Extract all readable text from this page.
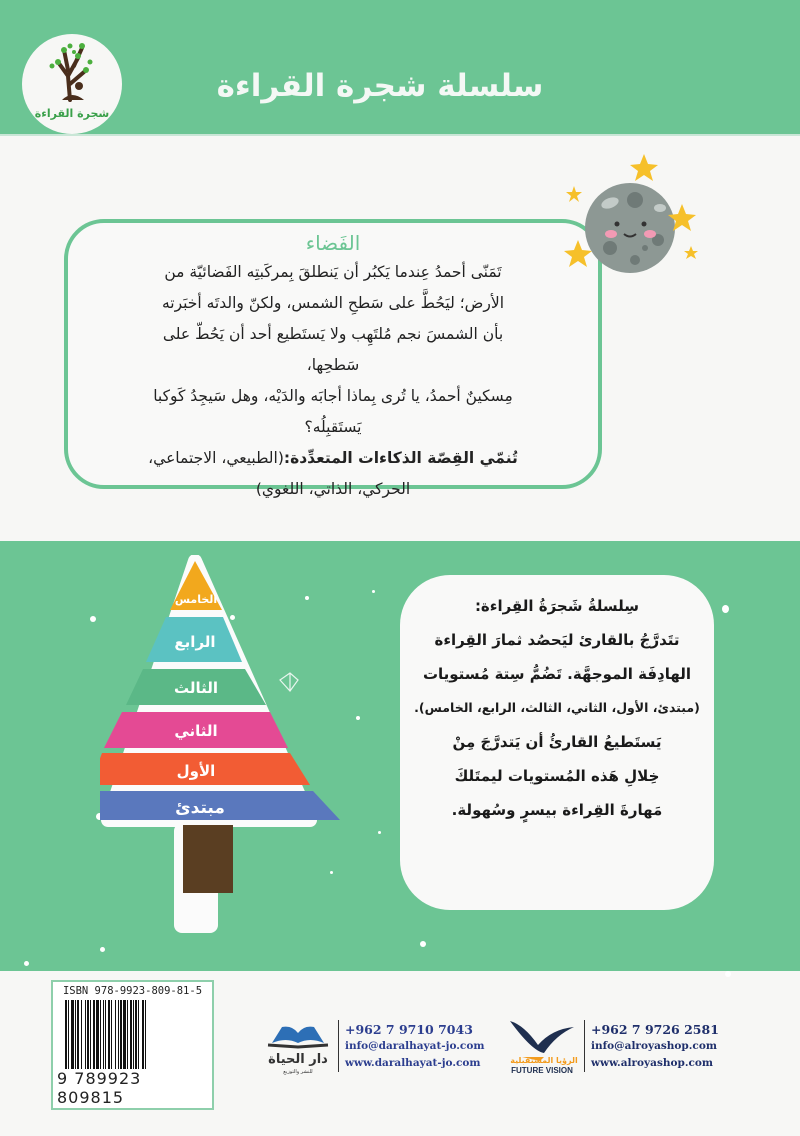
شجرة القراءة
سلسلة شجرة القراءة
الفَضاء
تَمَنّى أحمدُ عِندما يَكبُر أن يَنطلقَ بِمركَبتِه الفَضائيّة من
الأرض؛ ليَحُطَّ على سَطحِ الشمس، ولكنّ والدتَه أخبَرته
بأن الشمسَ نجم مُلتَهِب ولا يَستَطيع أحد أن يَحُطّ على
سَطحِها،
مِسكينٌ أحمدُ، يا تُرى بِماذا أجابَه والدَيْه، وهل سَيجِدُ كَوكبا
يَستَقبِلُه؟
تُنمّي القِصّة الذكاءات المتعدِّدة:(الطبيعي، الاجتماعي،
الحركي، الذاتي، اللغوي)
الخامس
الرابع
الثالث
الثاني
الأول
مبتدئ
سِلسلةُ شَجرَةُ القِراءة:
تتَدرَّجُ بالقارئ ليَحصُد ثمارَ القِراءة
الهادِفَة الموجهَّة. تَضُمُّ سِتة مُستويات
(مبتدئ، الأول، الثاني، الثالث، الرابع، الخامس).
يَستَطيعُ القارئُ أن يَتدرَّجَ مِنْ
خِلالِ هَذه المُستويات ليمتَلكَ
مَهارةَ القِراءة بيسرٍ وسُهولة.
ISBN 978-9923-809-81-5
9 789923 809815
دار الحياة
للنشر والتوزيع
+962 7 9710 7043
info@daralhayat-jo.com
www.daralhayat-jo.com	الرؤيا المستقبلية
FUTURE VISION
+962 7 9726 2581
info@alroyashop.com
www.alroyashop.com
